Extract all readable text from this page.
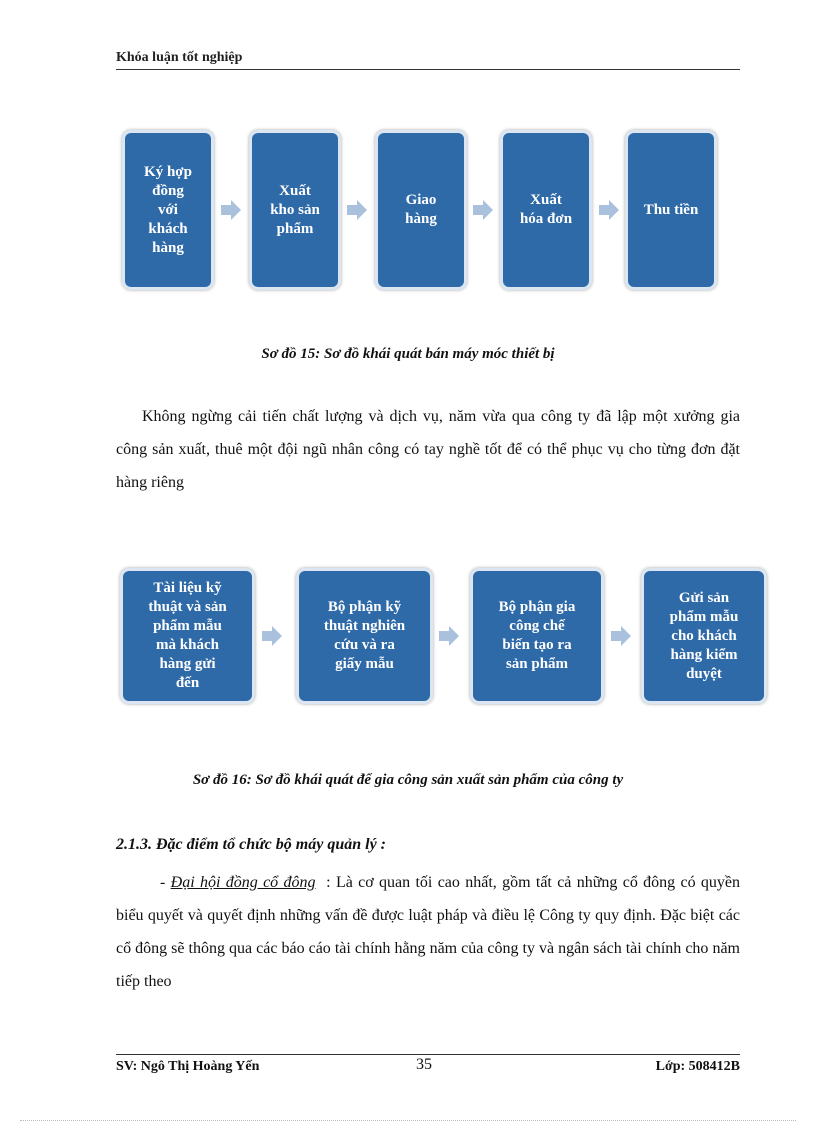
Khóa luận tốt nghiệp
Ký hợp
đồng
với
khách
hàng
Xuất
kho sản
phẩm
Giao
hàng
Xuất
hóa đơn
Thu tiền
Sơ đồ 15: Sơ đồ khái quát bán máy móc thiết bị
Không ngừng cải tiến chất lượng và dịch vụ, năm vừa qua công ty đã lập một xưởng gia công sản xuất, thuê một đội ngũ nhân công có tay nghề tốt để có thể phục vụ cho từng đơn đặt hàng riêng
Tài liệu kỹ
thuật và sản
phẩm mẫu
mà khách
hàng gửi
đến
Bộ phận kỹ
thuật nghiên
cứu và ra
giấy mẫu
Bộ phận gia
công chế
biến tạo ra
sản phẩm
Gửi sản
phẩm mẫu
cho khách
hàng kiểm
duyệt
Sơ đồ 16: Sơ đồ khái quát để gia công sản xuất sản phẩm của công ty
2.1.3. Đặc điểm tổ chức bộ máy quản lý :
- Đại hội đồng cổ đông  : Là cơ quan tối cao nhất, gồm tất cả những cổ đông có quyền biểu quyết và quyết định những vấn đề được luật pháp và điều lệ Công ty quy định. Đặc biệt các cổ đông sẽ thông qua các báo cáo tài chính hằng năm của công ty và ngân sách tài chính cho năm tiếp theo
SV: Ngô Thị Hoàng Yến	35	Lớp: 508412B
